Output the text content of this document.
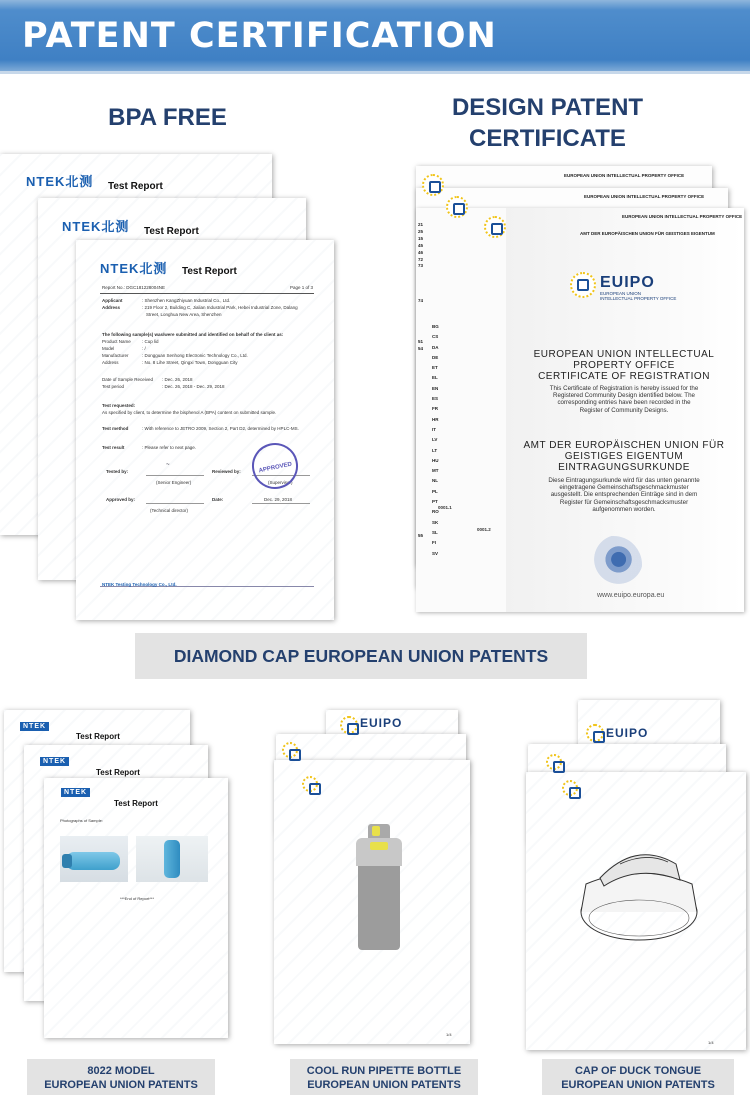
PATENT CERTIFICATION
BPA FREE	DESIGN PATENT
CERTIFICATE
NTEK北测 Test Report
NTEK北测 Test Report
NTEK北测 Test Report
Report No.: DGC181228004NE	Page 1 of 3
Applicant	: Shenzhen KangZhiyuan Industrial Co., Ltd.
Address	: 219 Floor 2, Building C, Jialian Industrial Park, Hebei Industrial Zone, Dalang
Street, Longhua New Area, Shenzhen
The following sample(s) was/were submitted and identified on behalf of the client as:
Product Name : Cup lid
Model	: /
Manufacturer	: Dongguan Senhong Electronic Technology Co., Ltd.
Address	: No. 8 Lihe Street, Qingxi Town, Dongguan City
Date of Sample Received : Dec. 26, 2018
Test period	: Dec. 26, 2018 - Dec. 29, 2018
Test requested:
As specified by client, to determine the bisphenol A (BPA) content on submitted sample.
Test method	: With reference to JETRO 2009, Section 2, Part D2, determined by HPLC-MS.
Test result	: Please refer to next page.
Tested by:
(Senior Engineer)
Reviewed by:
(Supervisor)
Approved by:
(Technical director)
Date:	Dec. 29, 2018
~
NTEK Testing Technology Co., Ltd.
APPROVED
EUROPEAN UNION INTELLECTUAL PROPERTY OFFICE
EUROPEAN UNION INTELLECTUAL PROPERTY OFFICE
EUROPEAN UNION INTELLECTUAL PROPERTY OFFICE
AMT DER EUROPÄISCHEN UNION FÜR GEISTIGES EIGENTUM
21
25
15
45
46
72
73

74

51
54

55
BG
CS
DA
DE
ET
EL
EN
ES
FR
HR
IT
LV
LT
HU
MT
NL
PL
PT
RO
SK
SL
FI
SV
0001.1
0001.2
EUIPO
EUROPEAN UNION
INTELLECTUAL PROPERTY OFFICE
EUROPEAN UNION INTELLECTUAL
PROPERTY OFFICE
CERTIFICATE OF REGISTRATION
This Certificate of Registration is hereby issued for the
Registered Community Design identified below. The
corresponding entries have been recorded in the
Register of Community Designs.
AMT DER EUROPÄISCHEN UNION FÜR
GEISTIGES EIGENTUM
EINTRAGUNGSURKUNDE
Diese Eintragungsurkunde wird für das unten genannte
eingetragene Gemeinschaftsgeschmackmuster
ausgestellt. Die entsprechenden Einträge sind in dem
Register für Gemeinschaftsgeschmacksmuster
aufgenommen worden.
www.euipo.europa.eu
DIAMOND CAP EUROPEAN UNION PATENTS
NTEK
Test Report
NTEK
Test Report
NTEK
Test Report
Photographs of Sample:
***End of Report***
1/4
EUIPO
1/4
EUIPO
8022 MODEL
EUROPEAN UNION PATENTS
COOL RUN PIPETTE BOTTLE
EUROPEAN UNION PATENTS
CAP OF DUCK TONGUE
EUROPEAN UNION PATENTS
